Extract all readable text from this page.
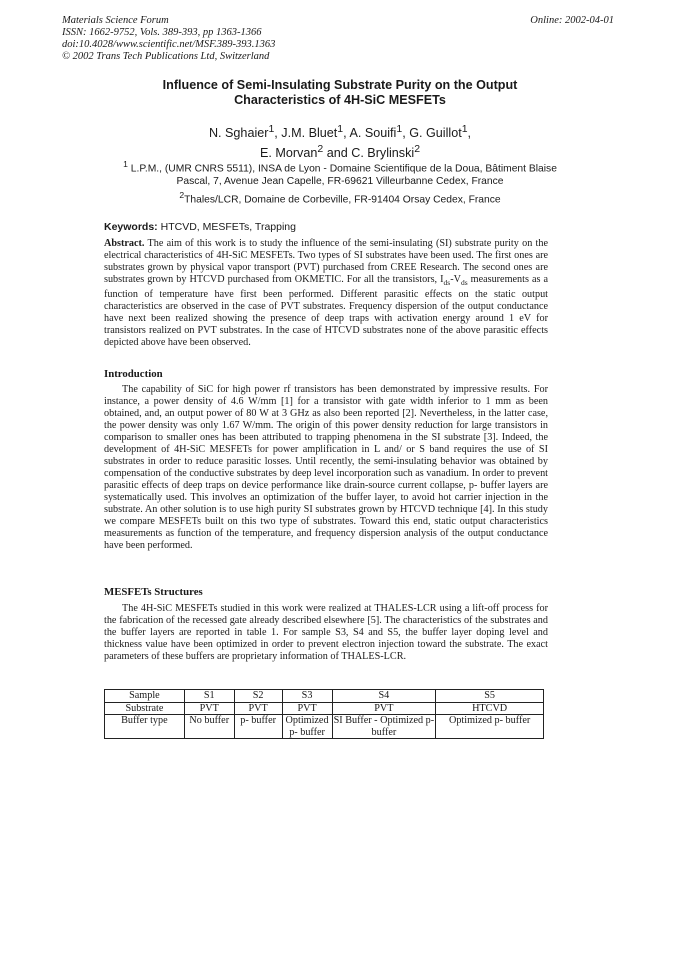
Materials Science Forum
ISSN: 1662-9752, Vols. 389-393, pp 1363-1366
doi:10.4028/www.scientific.net/MSF.389-393.1363
© 2002 Trans Tech Publications Ltd, Switzerland
Online: 2002-04-01
Influence of Semi-Insulating Substrate Purity on the Output
Characteristics of 4H-SiC MESFETs
N. Sghaier$^1$, J.M. Bluet$^1$, A. Souifi$^1$, G. Guillot$^1$,
E. Morvan$^2$ and C. Brylinski$^2$
$^1$ L.P.M., (UMR CNRS 5511), INSA de Lyon - Domaine Scientifique de la Doua, Bâtiment Blaise
Pascal, 7, Avenue Jean Capelle, FR-69621 Villeurbanne Cedex, France
$^2$Thales/LCR, Domaine de Corbeville, FR-91404 Orsay Cedex, France
Keywords: HTCVD, MESFETs, Trapping

Abstract. The aim of this work is to study the influence of the semi-insulating (SI) substrate purity on the electrical characteristics of 4H-SiC MESFETs. Two types of SI substrates have been used. The first ones are substrates grown by physical vapor transport (PVT) purchased from CREE Research. The second ones are substrates grown by HTCVD purchased from OKMETIC. For all the transistors, $I_{ds}-V_{ds}$ measurements as a function of temperature have first been performed. Different parasitic effects on the static output characteristics are observed in the case of PVT substrates. Frequency dispersion of the output conductance have next been realized showing the presence of deep traps with activation energy around 1 eV for transistors realized on PVT substrates. In the case of HTCVD substrates none of the above parasitic effects depicted above have been observed.

Introduction

The capability of SiC for high power rf transistors has been demonstrated by impressive results. For instance, a power density of 4.6 W/mm [1] for a transistor with gate width inferior to 1 mm as been obtained, and, an output power of 80 W at 3 GHz as also been reported [2]. Nevertheless, in the latter case, the power density was only 1.67 W/mm. The origin of this power density reduction for large transistors in comparison to smaller ones has been attributed to trapping phenomena in the SI substrate [3]. Indeed, the development of 4H-SiC MESFETs for power amplification in L and/ or S band requires the use of SI substrates in order to reduce parasitic losses. Until recently, the semi-insulating behavior was obtained by compensation of the conductive substrates by deep level incorporation such as vanadium. In order to prevent parasitic effects of deep traps on device performance like drain-source current collapse, p- buffer layers are systematically used. This involves an optimization of the buffer layer, to avoid hot carrier injection in the substrate. An other solution is to use high purity SI substrates grown by HTCVD technique [4]. In this study we compare MESFETs built on this two type of substrates. Toward this end, static output characteristics measurements as function of the temperature, and frequency dispersion analysis of the output conductance have been performed.

MESFETs Structures

The 4H-SiC MESFETs studied in this work were realized at THALES-LCR using a lift-off process for the fabrication of the recessed gate already described elsewhere [5]. The characteristics of the substrates and the buffer layers are reported in table 1. For sample S3, S4 and S5, the buffer layer doping level and thickness value have been optimized in order to prevent electron injection toward the substrate. The exact parameters of these buffers are proprietary information of THALES-LCR.

Sample	S1	S2	S3	S4	S5
Substrate	PVT	PVT	PVT	PVT	HTCVD
Buffer type	No buffer	p- buffer	Optimized p- buffer	SI Buffer - Optimized p- buffer	Optimized p- buffer
